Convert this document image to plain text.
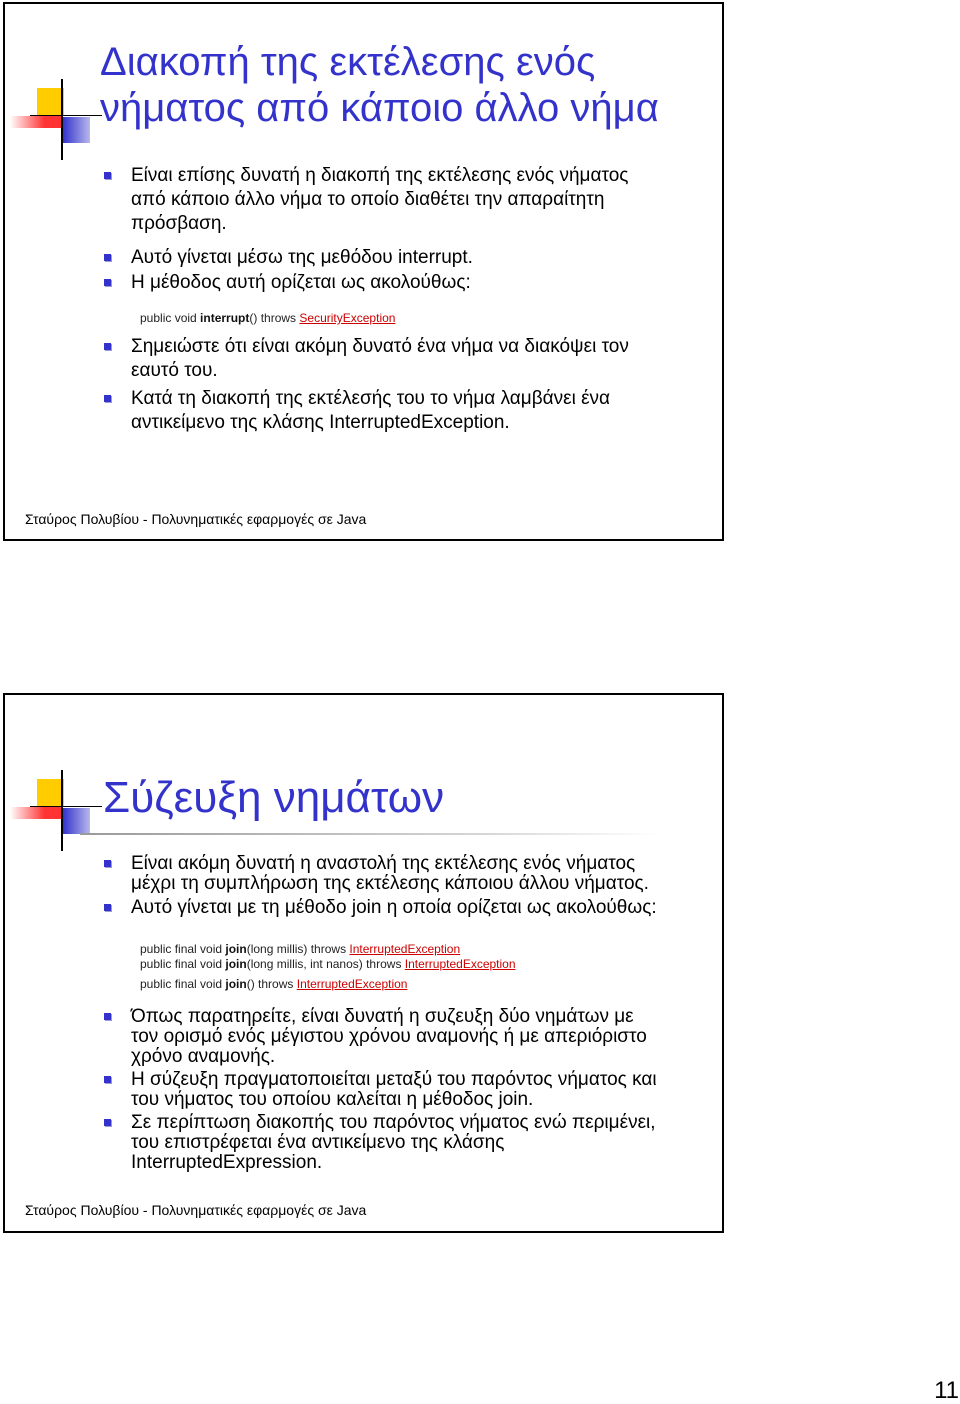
Διακοπή της εκτέλεσης ενός
νήματος από κάποιο άλλο νήμα
Είναι επίσης δυνατή η διακοπή της εκτέλεσης ενός νήματος
από κάποιο άλλο νήμα το οποίο διαθέτει την απαραίτητη
πρόσβαση.
Αυτό γίνεται μέσω της μεθόδου interrupt.
Η μέθοδος αυτή ορίζεται ως ακολούθως:
public void interrupt() throws SecurityException
Σημειώστε ότι είναι ακόμη δυνατό ένα νήμα να διακόψει τον
εαυτό του.
Κατά τη διακοπή της εκτέλεσής του το νήμα λαμβάνει ένα
αντικείμενο της κλάσης InterruptedException.
Σταύρος Πολυβίου - Πολυνηματικές εφαρμογές σε Java
Σύζευξη νημάτων
Είναι ακόμη δυνατή η αναστολή της εκτέλεσης ενός νήματος
μέχρι τη συμπλήρωση της εκτέλεσης κάποιου άλλου νήματος.
Αυτό γίνεται με τη μέθοδο join η οποία ορίζεται ως ακολούθως:
public final void join(long millis) throws InterruptedException
public final void join(long millis, int nanos) throws InterruptedException
public final void join() throws InterruptedException
Όπως παρατηρείτε, είναι δυνατή η συζευξη δύο νημάτων με
τον ορισμό ενός μέγιστου χρόνου αναμονής ή με απεριόριστο
χρόνο αναμονής.
Η σύζευξη πραγματοποιείται μεταξύ του παρόντος νήματος και
του νήματος του οποίου καλείται η μέθοδος join.
Σε περίπτωση διακοπής του παρόντος νήματος ενώ περιμένει,
του επιστρέφεται ένα αντικείμενο της κλάσης
InterruptedExpression.
Σταύρος Πολυβίου - Πολυνηματικές εφαρμογές σε Java
11
